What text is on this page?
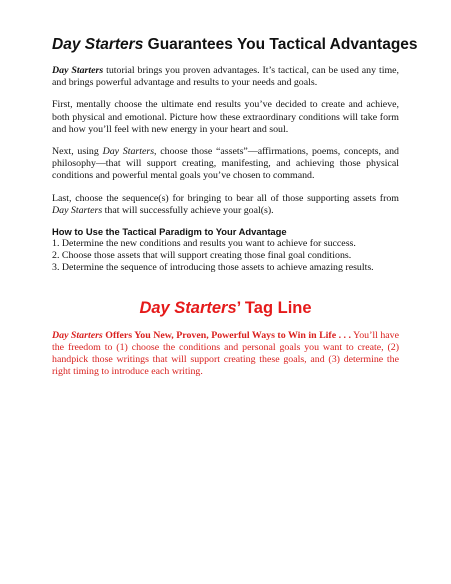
Day Starters Guarantees You Tactical Advantages

Day Starters tutorial brings you proven advantages. It’s tactical, can be used any time, and brings powerful advantage and results to your needs and goals.

First, mentally choose the ultimate end results you’ve decided to create and achieve, both physical and emotional. Picture how these extraordinary conditions will take form and how you’ll feel with new energy in your heart and soul.

Next, using Day Starters, choose those “assets”—affirmations, poems, concepts, and philosophy—that will support creating, manifesting, and achieving those physical conditions and powerful mental goals you’ve chosen to command.

Last, choose the sequence(s) for bringing to bear all of those supporting assets from Day Starters that will successfully achieve your goal(s).

How to Use the Tactical Paradigm to Your Advantage
1. Determine the new conditions and results you want to achieve for success.
2. Choose those assets that will support creating those final goal conditions.
3. Determine the sequence of introducing those assets to achieve amazing results.
Day Starters’ Tag Line

Day Starters Offers You New, Proven, Powerful Ways to Win in Life . . . You’ll have the freedom to (1) choose the conditions and personal goals you want to create, (2) handpick those writings that will support creating these goals, and (3) determine the right timing to introduce each writing.
